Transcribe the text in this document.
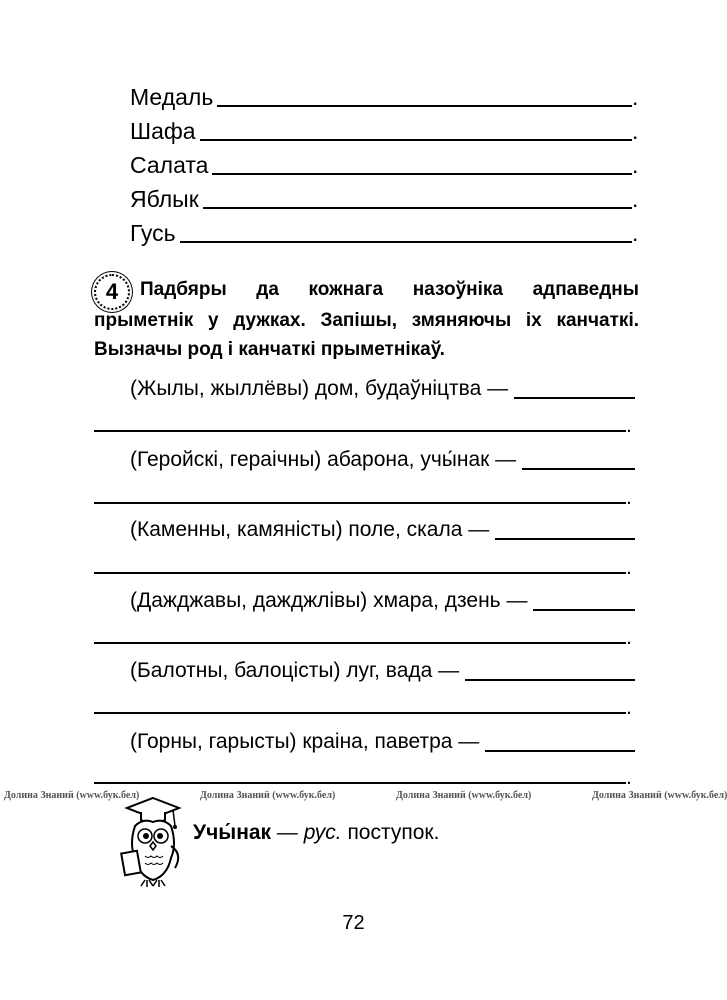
Медаль	.
Шафа	.
Салата	.
Яблык	.
Гусь	.
4 Падбяры да кожнага назоўніка адпаведны прыметнік у дужках. Запішы, змяняючы іх канчаткі. Вызначы род і канчаткі прыметнікаў.
(Жылы, жыллёвы) дом, будаўніцтва —
.
(Геройскі, гераічны) абарона, учы́нак —
.
(Каменны, камяністы) поле, скала —
.
(Дажджавы, дажджлівы) хмара, дзень —
.
(Балотны, балоцісты) луг, вада —
.
(Горны, гарысты) краіна, паветра —
.
Долина Знаний (www.бук.бел)	Долина Знаний (www.бук.бел)	Долина Знаний (www.бук.бел)	Долина Знаний (www.бук.бел)
Учы́нак — рус. поступок.
72
